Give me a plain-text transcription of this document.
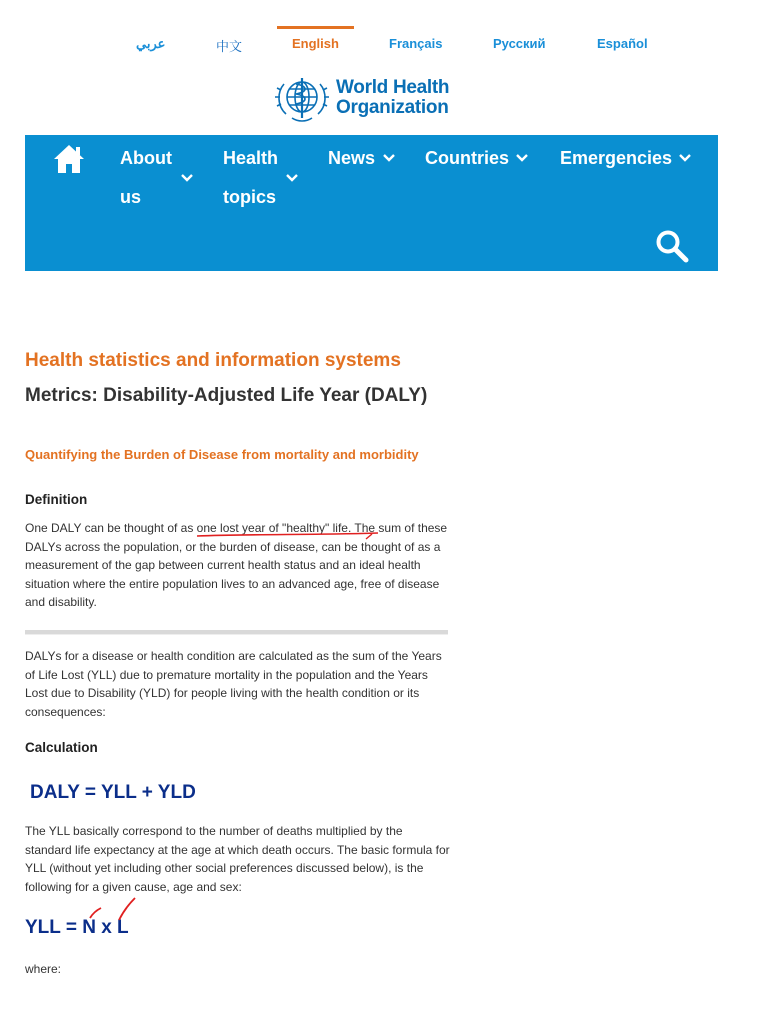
عربي	中文	English	Français	Русский	Español
World Health
Organization
About
us
Health
topics
News	Countries	Emergencies
Health statistics and information systems
Metrics: Disability-Adjusted Life Year (DALY)
Quantifying the Burden of Disease from mortality and morbidity
Definition
One DALY can be thought of as one lost year of "healthy" life. The sum of these DALYs across the population, or the burden of disease, can be thought of as a measurement of the gap between current health status and an ideal health situation where the entire population lives to an advanced age, free of disease and disability.
DALYs for a disease or health condition are calculated as the sum of the Years of Life Lost (YLL) due to premature mortality in the population and the Years Lost due to Disability (YLD) for people living with the health condition or its consequences:
Calculation
DALY = YLL + YLD
The YLL basically correspond to the number of deaths multiplied by the standard life expectancy at the age at which death occurs. The basic formula for YLL (without yet including other social preferences discussed below), is the following for a given cause, age and sex:
YLL = N x L
where:
